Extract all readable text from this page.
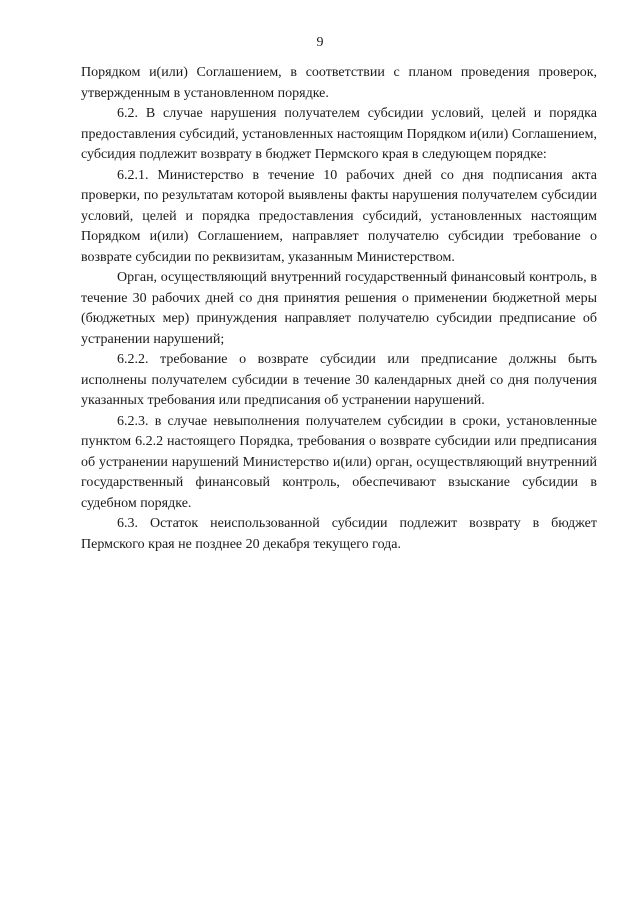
9

Порядком и(или) Соглашением, в соответствии с планом проведения проверок, утвержденным в установленном порядке.

6.2. В случае нарушения получателем субсидии условий, целей и порядка предоставления субсидий, установленных настоящим Порядком и(или) Соглашением, субсидия подлежит возврату в бюджет Пермского края в следующем порядке:

6.2.1. Министерство в течение 10 рабочих дней со дня подписания акта проверки, по результатам которой выявлены факты нарушения получателем субсидии условий, целей и порядка предоставления субсидий, установленных настоящим Порядком и(или) Соглашением, направляет получателю субсидии требование о возврате субсидии по реквизитам, указанным Министерством.

Орган, осуществляющий внутренний государственный финансовый контроль, в течение 30 рабочих дней со дня принятия решения о применении бюджетной меры (бюджетных мер) принуждения направляет получателю субсидии предписание об устранении нарушений;

6.2.2. требование о возврате субсидии или предписание должны быть исполнены получателем субсидии в течение 30 календарных дней со дня получения указанных требования или предписания об устранении нарушений.

6.2.3. в случае невыполнения получателем субсидии в сроки, установленные пунктом 6.2.2 настоящего Порядка, требования о возврате субсидии или предписания об устранении нарушений Министерство и(или) орган, осуществляющий внутренний государственный финансовый контроль, обеспечивают взыскание субсидии в судебном порядке.

6.3. Остаток неиспользованной субсидии подлежит возврату в бюджет Пермского края не позднее 20 декабря текущего года.
